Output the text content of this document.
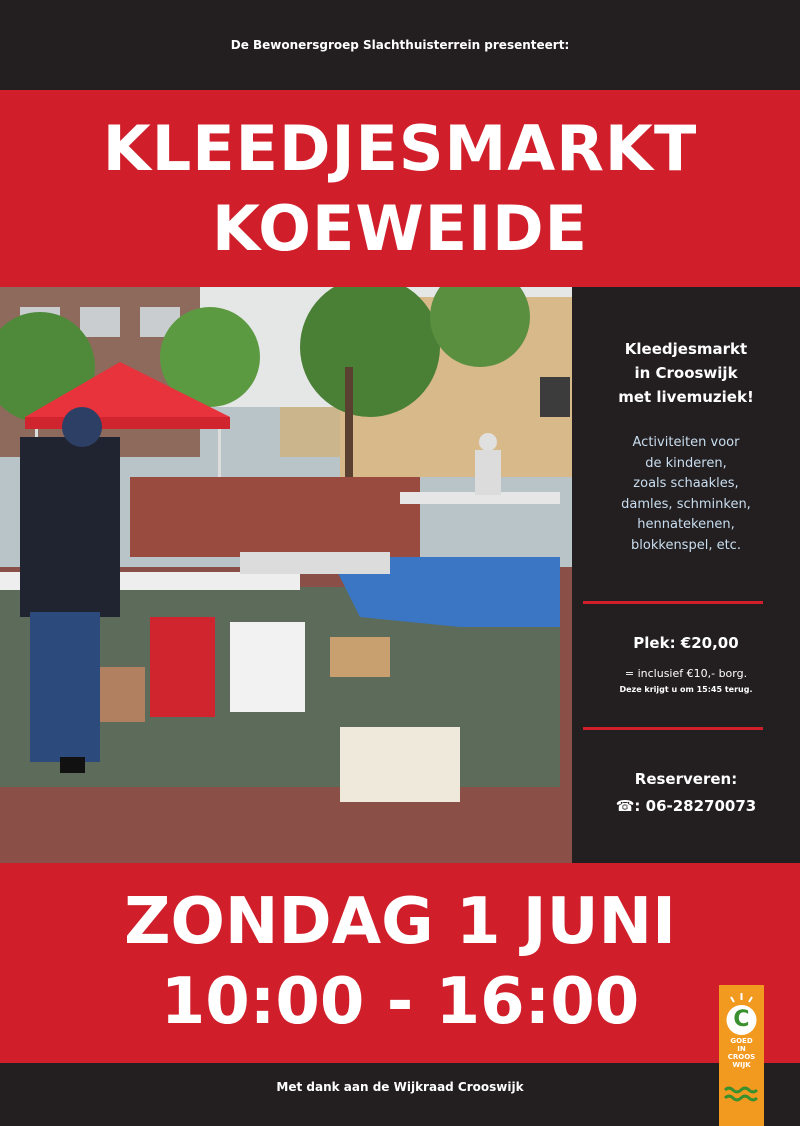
De Bewonersgroep Slachthuisterrein presenteert:
KLEEDJESMARKT
KOEWEIDE
Kleedjesmarkt
in Crooswijk
met livemuziek!
Activiteiten voor
de kinderen,
zoals schaakles,
damles, schminken,
hennatekenen,
blokkenspel, etc.
Plek: €20,00
= inclusief €10,- borg.
Deze krijgt u om 15:45 terug.
Reserveren:
☎: 06-28270073
ZONDAG 1 JUNI
10:00 - 16:00
Met dank aan de Wijkraad Crooswijk
C
GOED
IN
CROOS
WIJK
